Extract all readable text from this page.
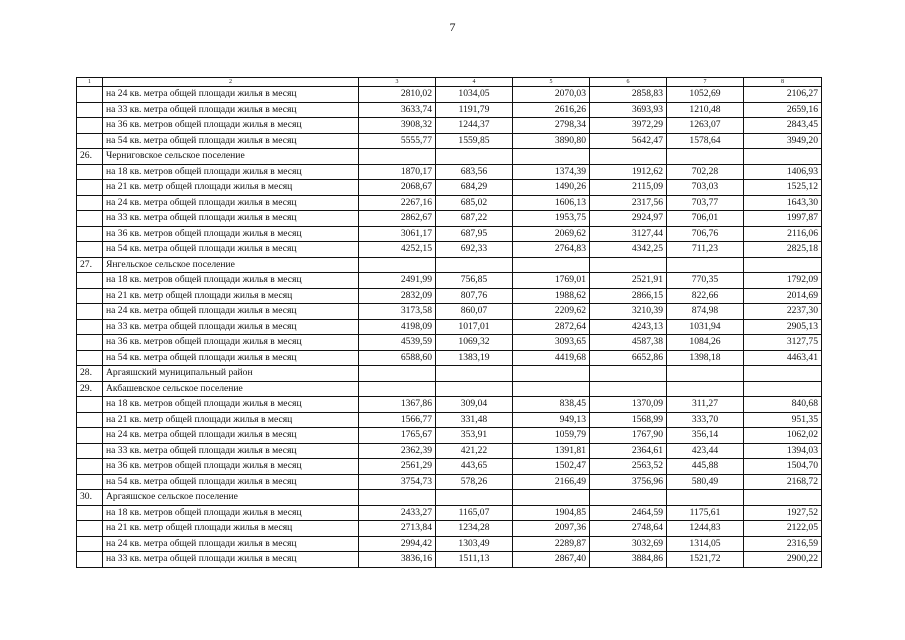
7
1	2	3	4	5	6	7	8
	на 24 кв. метра общей площади жилья в месяц	2810,02	1034,05	2070,03	2858,83	1052,69	2106,27
	на 33 кв. метра общей площади жилья в месяц	3633,74	1191,79	2616,26	3693,93	1210,48	2659,16
	на 36 кв. метров общей площади жилья в месяц	3908,32	1244,37	2798,34	3972,29	1263,07	2843,45
	на 54 кв. метра общей площади жилья в месяц	5555,77	1559,85	3890,80	5642,47	1578,64	3949,20
26.	Черниговское сельское поселение						
	на 18 кв. метров общей площади жилья в месяц	1870,17	683,56	1374,39	1912,62	702,28	1406,93
	на 21 кв. метр общей площади жилья в месяц	2068,67	684,29	1490,26	2115,09	703,03	1525,12
	на 24 кв. метра общей площади жилья в месяц	2267,16	685,02	1606,13	2317,56	703,77	1643,30
	на 33 кв. метра общей площади жилья в месяц	2862,67	687,22	1953,75	2924,97	706,01	1997,87
	на 36 кв. метров общей площади жилья в месяц	3061,17	687,95	2069,62	3127,44	706,76	2116,06
	на 54 кв. метра общей площади жилья в месяц	4252,15	692,33	2764,83	4342,25	711,23	2825,18
27.	Янгельское сельское поселение						
	на 18 кв. метров общей площади жилья в месяц	2491,99	756,85	1769,01	2521,91	770,35	1792,09
	на 21 кв. метр общей площади жилья в месяц	2832,09	807,76	1988,62	2866,15	822,66	2014,69
	на 24 кв. метра общей площади жилья в месяц	3173,58	860,07	2209,62	3210,39	874,98	2237,30
	на 33 кв. метра общей площади жилья в месяц	4198,09	1017,01	2872,64	4243,13	1031,94	2905,13
	на 36 кв. метров общей площади жилья в месяц	4539,59	1069,32	3093,65	4587,38	1084,26	3127,75
	на 54 кв. метра общей площади жилья в месяц	6588,60	1383,19	4419,68	6652,86	1398,18	4463,41
28.	Аргаяшский муниципальный район						
29.	Акбашевское сельское поселение						
	на 18 кв. метров общей площади жилья в месяц	1367,86	309,04	838,45	1370,09	311,27	840,68
	на 21 кв. метр общей площади жилья в месяц	1566,77	331,48	949,13	1568,99	333,70	951,35
	на 24 кв. метра общей площади жилья в месяц	1765,67	353,91	1059,79	1767,90	356,14	1062,02
	на 33 кв. метра общей площади жилья в месяц	2362,39	421,22	1391,81	2364,61	423,44	1394,03
	на 36 кв. метров общей площади жилья в месяц	2561,29	443,65	1502,47	2563,52	445,88	1504,70
	на 54 кв. метра общей площади жилья в месяц	3754,73	578,26	2166,49	3756,96	580,49	2168,72
30.	Аргаяшское сельское поселение						
	на 18 кв. метров общей площади жилья в месяц	2433,27	1165,07	1904,85	2464,59	1175,61	1927,52
	на 21 кв. метр общей площади жилья в месяц	2713,84	1234,28	2097,36	2748,64	1244,83	2122,05
	на 24 кв. метра общей площади жилья в месяц	2994,42	1303,49	2289,87	3032,69	1314,05	2316,59
	на 33 кв. метра общей площади жилья в месяц	3836,16	1511,13	2867,40	3884,86	1521,72	2900,22
